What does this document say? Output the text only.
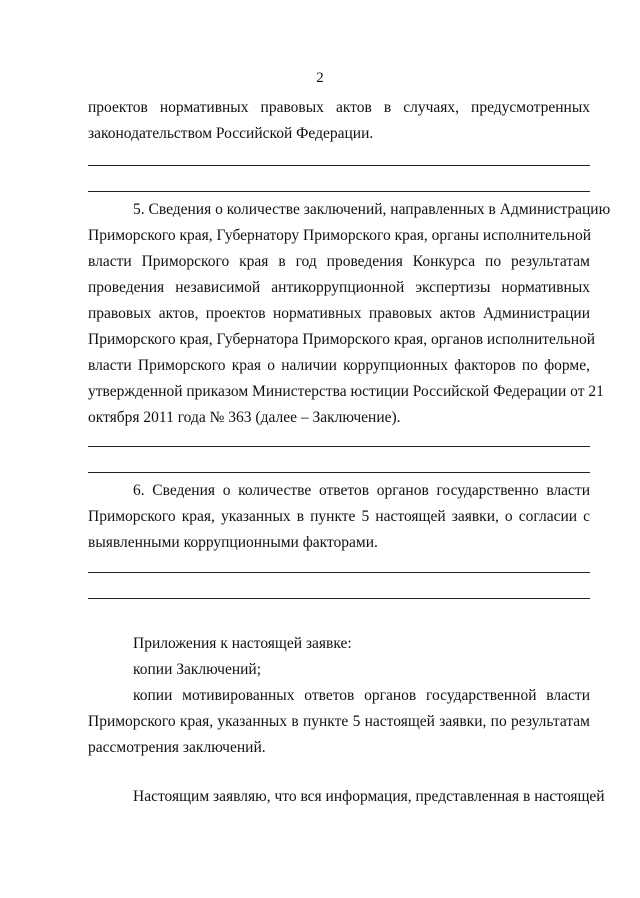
2
проектов нормативных правовых актов в случаях, предусмотренных
законодательством Российской Федерации.
5. Сведения о количестве заключений, направленных в Администрацию
Приморского края, Губернатору Приморского края, органы исполнительной
власти Приморского края в год проведения Конкурса по результатам
проведения независимой антикоррупционной экспертизы нормативных
правовых актов, проектов нормативных правовых актов Администрации
Приморского края, Губернатора Приморского края, органов исполнительной
власти Приморского края о наличии коррупционных факторов по форме,
утвержденной приказом Министерства юстиции Российской Федерации от 21
октября 2011 года № 363 (далее – Заключение).
6. Сведения о количестве ответов органов государственно власти
Приморского края, указанных в пункте 5 настоящей заявки, о согласии с
выявленными коррупционными факторами.
Приложения к настоящей заявке:
копии Заключений;
копии мотивированных ответов органов государственной власти
Приморского края, указанных в пункте 5 настоящей заявки, по результатам
рассмотрения заключений.
Настоящим заявляю, что вся информация, представленная в настоящей
